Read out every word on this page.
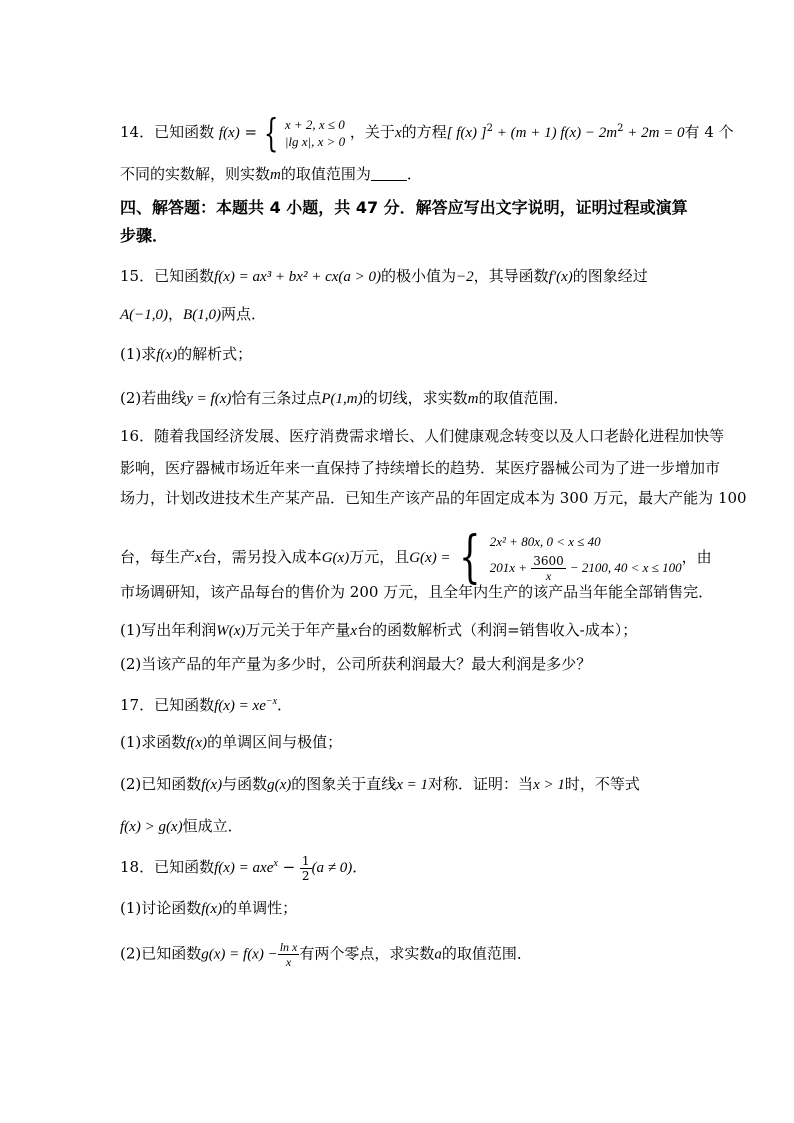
14．已知函数 f(x) = { x + 2, x ≤ 0
|lg x|, x > 0
，关于x的方程[ f(x) ]$^2$ + (m + 1) $f(x) - 2m^2 + 2m = 0$有 4 个
不同的实数解，则实数m的取值范围为 ．
四、解答题：本题共 4 小题，共 47 分．解答应写出文字说明，证明过程或演算
步骤．
15．已知函数f(x) = ax³ + bx² + cx(a > 0)的极小值为−2，其导函数f′(x)的图象经过
A(−1,0)，B(1,0)两点．
(1)求f(x)的解析式；
(2)若曲线y = f(x)恰有三条过点P(1,m)的切线，求实数m的取值范围．
16．随着我国经济发展、医疗消费需求增长、人们健康观念转变以及人口老龄化进程加快等
影响，医疗器械市场近年来一直保持了持续增长的趋势．某医疗器械公司为了进一步增加市
场力，计划改进技术生产某产品．已知生产该产品的年固定成本为 300 万元，最大产能为 100
台，每生产x台，需另投入成本G(x)万元，且G(x) = { 2x² + 80x, 0 < x ≤ 40
$201x + \frac{3600}{x} - 2100$, 40 < x ≤ 100
，由
市场调研知，该产品每台的售价为 200 万元，且全年内生产的该产品当年能全部销售完．
(1)写出年利润W(x)万元关于年产量x台的函数解析式（利润=销售收入-成本）；
(2)当该产品的年产量为多少时，公司所获利润最大？最大利润是多少？
17．已知函数$f(x) = xe^{-x}$．
(1)求函数f(x)的单调区间与极值；
(2)已知函数f(x)与函数g(x)的图象关于直线x = 1对称．证明：当x > 1时，不等式
f(x) > g(x)恒成立．
18．已知函数$f(x) = axe^x - \frac{1}{2} (a \ne 0)$．
(1)讨论函数f(x)的单调性；
(2)已知函数$g(x) = f(x) - \frac{\text{ln x}}{x}$ 有两个零点，求实数a的取值范围．
